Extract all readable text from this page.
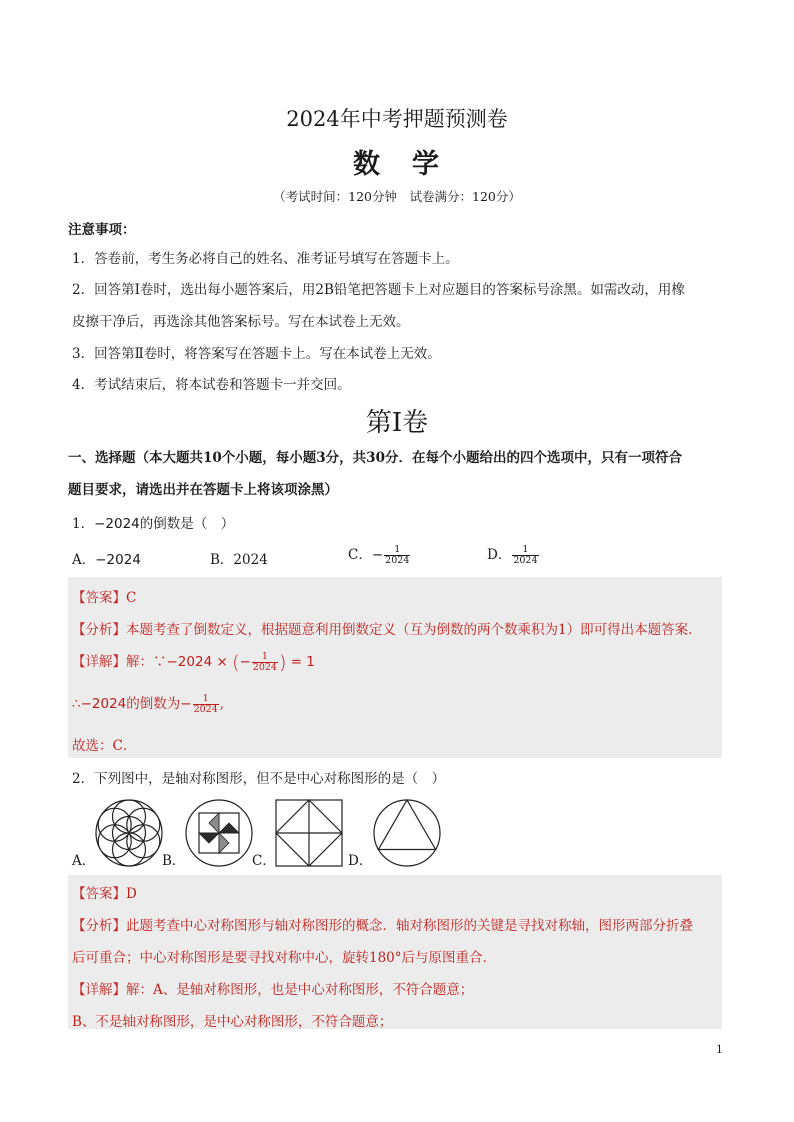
2024年中考押题预测卷
数 学
（考试时间：120分钟　试卷满分：120分）
注意事项：
1．答卷前，考生务必将自己的姓名、准考证号填写在答题卡上。
2．回答第Ⅰ卷时，选出每小题答案后，用2B铅笔把答题卡上对应题目的答案标号涂黑。如需改动，用橡
皮擦干净后，再选涂其他答案标号。写在本试卷上无效。
3．回答第Ⅱ卷时，将答案写在答题卡上。写在本试卷上无效。
4．考试结束后，将本试卷和答题卡一并交回。
第Ⅰ卷
一、选择题（本大题共10个小题，每小题3分，共30分．在每个小题给出的四个选项中，只有一项符合
题目要求，请选出并在答题卡上将该项涂黑）
1．−2024的倒数是（　）
A．−2024	B．2024	C．− $\frac{1}{2024}$	D． $\frac{1}{2024}$
【答案】C
【分析】本题考查了倒数定义，根据题意利用倒数定义（互为倒数的两个数乘积为1）即可得出本题答案．
【详解】解：∵−2024 × (− $\frac{1}{2024}$ ) = 1
∴−2024的倒数为− $\frac{1}{2024}$ ,
故选：C．
2．下列图中，是轴对称图形，但不是中心对称图形的是（　）
A．	B．	C．	D．
【答案】D
【分析】此题考查中心对称图形与轴对称图形的概念．轴对称图形的关键是寻找对称轴，图形两部分折叠
后可重合；中心对称图形是要寻找对称中心，旋转180°后与原图重合．
【详解】解：A、是轴对称图形，也是中心对称图形，不符合题意；
B、不是轴对称图形，是中心对称图形，不符合题意；
1
